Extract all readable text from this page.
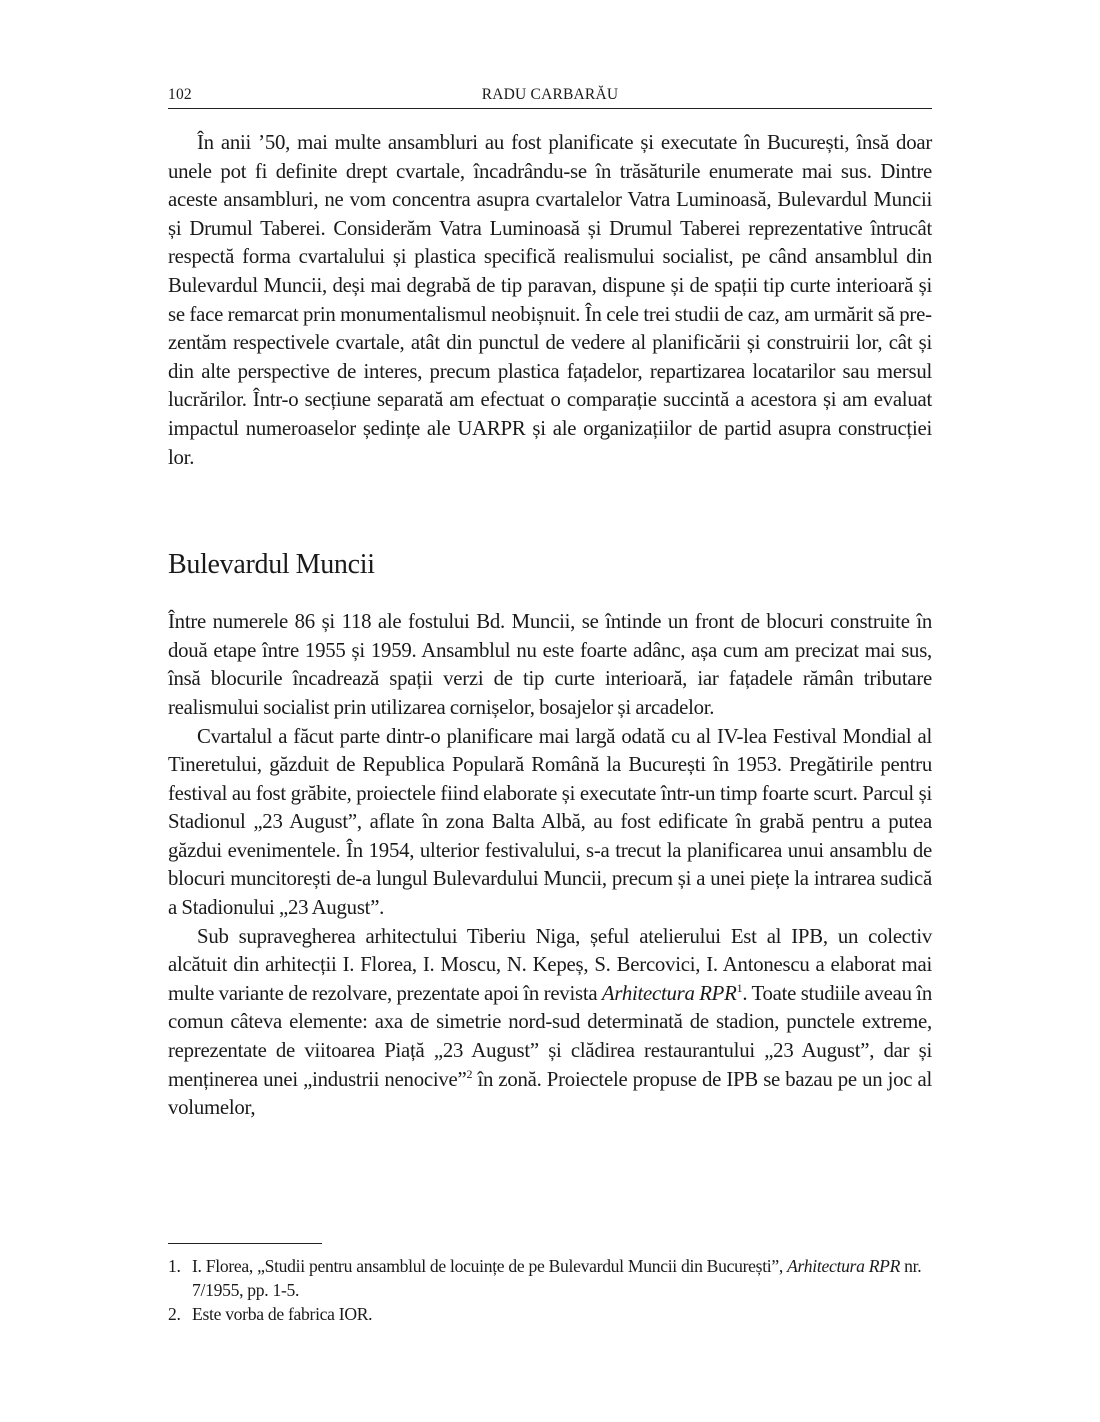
102	RADU CARBARĂU

În anii ’50, mai multe ansambluri au fost planificate și executate în București, însă doar unele pot fi definite drept cvartale, încadrându-se în trăsăturile enumerate mai sus. Dintre aceste ansambluri, ne vom concentra asupra cvartalelor Vatra Luminoasă, Bulevardul Muncii și Drumul Taberei. Considerăm Vatra Luminoasă și Drumul Taberei reprezentative întrucât respectă forma cvartalului și plastica specifică realismului socialist, pe când ansamblul din Bulevardul Muncii, deși mai degrabă de tip paravan, dispune și de spații tip curte interioară și se face remarcat prin monumentalismul neobișnuit. În cele trei studii de caz, am urmărit să prezentăm respectivele cvartale, atât din punctul de vedere al planificării și construirii lor, cât și din alte perspective de interes, precum plastica fațadelor, repartizarea locatarilor sau mersul lucrărilor. Într-o secțiune separată am efectuat o comparație succintă a acestora și am evaluat impactul numeroaselor ședințe ale UARPR și ale organizațiilor de partid asupra construcției lor.

Bulevardul Muncii

Între numerele 86 și 118 ale fostului Bd. Muncii, se întinde un front de blocuri construite în două etape între 1955 și 1959. Ansamblul nu este foarte adânc, așa cum am precizat mai sus, însă blocurile încadrează spații verzi de tip curte interioară, iar fațadele rămân tributare realismului socialist prin utilizarea cornișelor, bosajelor și arcadelor.

Cvartalul a făcut parte dintr-o planificare mai largă odată cu al IV-lea Festival Mondial al Tineretului, găzduit de Republica Populară Română la București în 1953. Pregătirile pentru festival au fost grăbite, proiectele fiind elaborate și executate într-un timp foarte scurt. Parcul și Stadionul „23 August”, aflate în zona Balta Albă, au fost edificate în grabă pentru a putea găzdui evenimentele. În 1954, ulterior festivalului, s-a trecut la planificarea unui ansamblu de blocuri muncitorești de-a lungul Bulevardului Muncii, precum și a unei piețe la intrarea sudică a Stadionului „23 August”.

Sub supravegherea arhitectului Tiberiu Niga, șeful atelierului Est al IPB, un colectiv alcătuit din arhitecții I. Florea, I. Moscu, N. Kepeș, S. Bercovici, I. Antonescu a elaborat mai multe variante de rezolvare, prezentate apoi în revista Arhitectura RPR$^1$. Toate studiile aveau în comun câteva elemente: axa de simetrie nord-sud determinată de stadion, punctele extreme, reprezentate de viitoarea Piață „23 August” și clădirea restaurantului „23 August”, dar și menținerea unei „industrii nenocive”$^2$ în zonă. Proiectele propuse de IPB se bazau pe un joc al volumelor,

1. I. Florea, „Studii pentru ansamblul de locuințe de pe Bulevardul Muncii din București”, Arhitectura RPR nr. 7/1955, pp. 1-5.
2. Este vorba de fabrica IOR.
